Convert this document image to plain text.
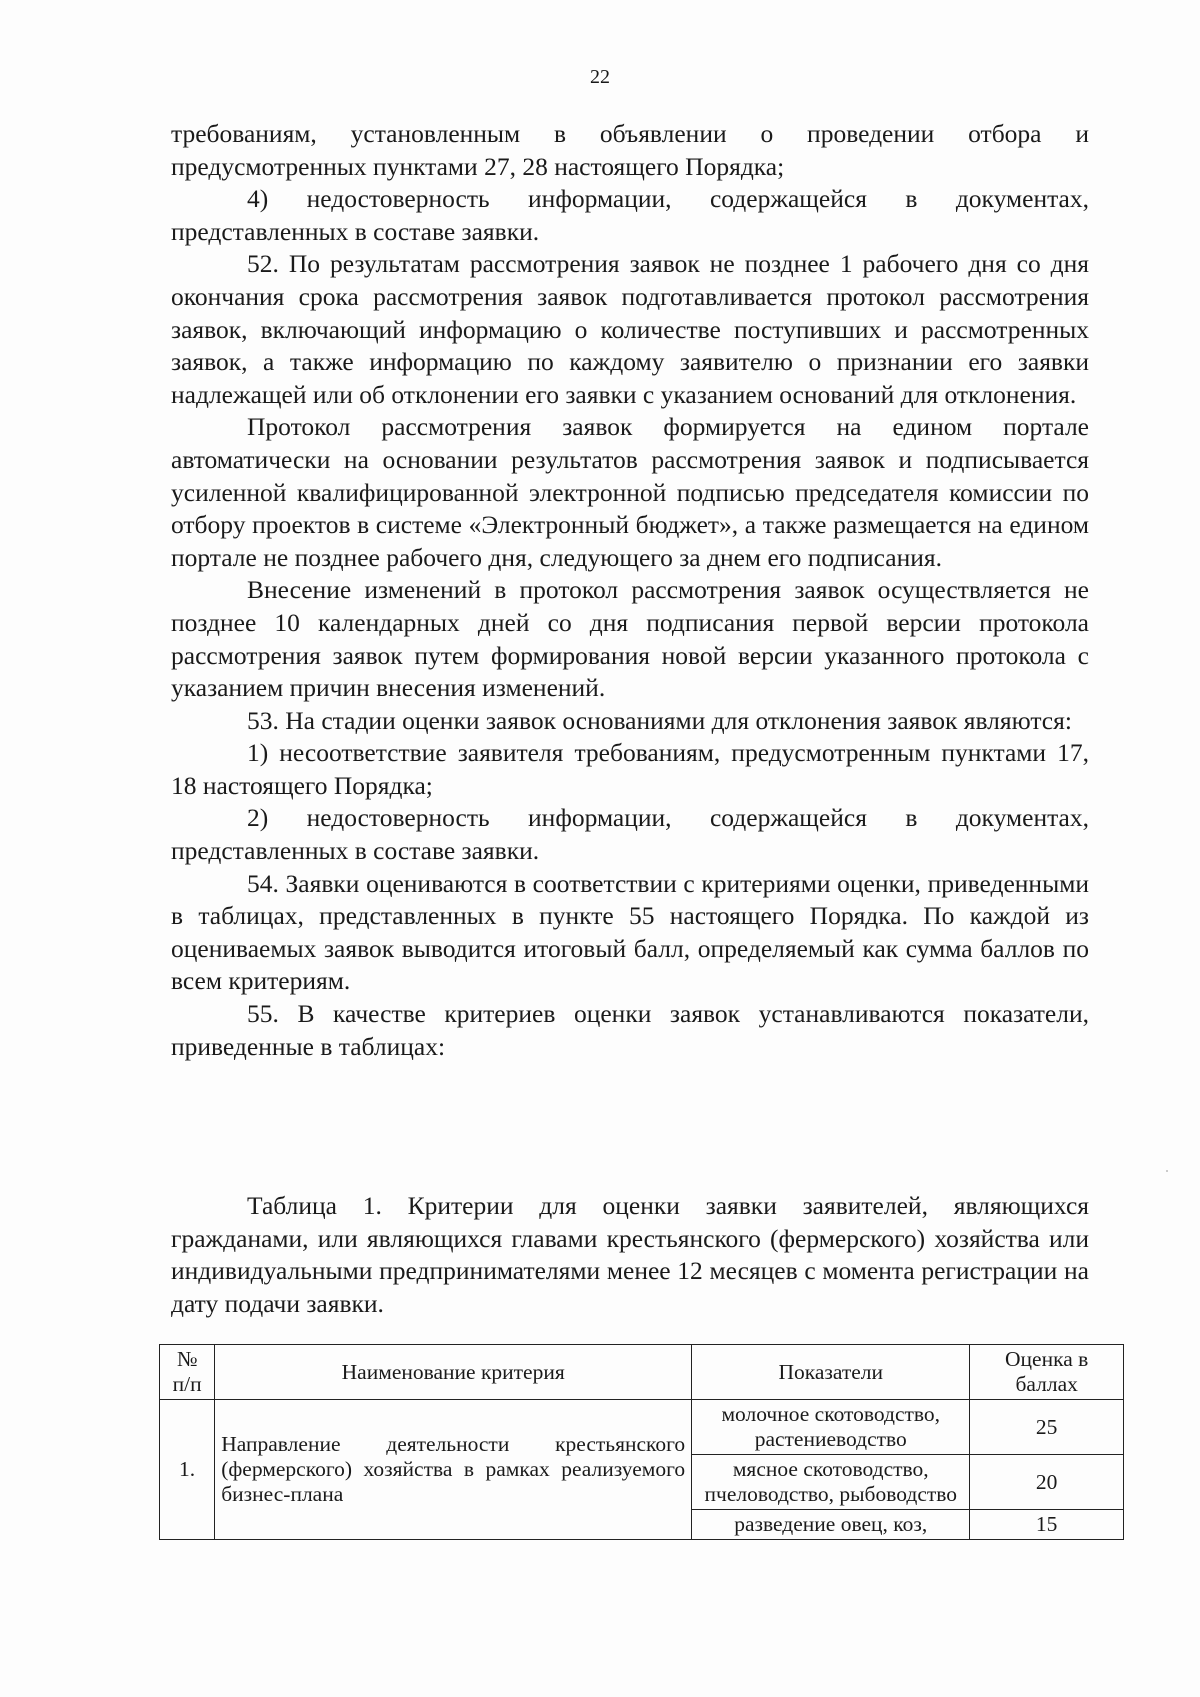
22

требованиям, установленным в объявлении о проведении отбора и предусмотренных пунктами 27, 28 настоящего Порядка;

4) недостоверность информации, содержащейся в документах, представленных в составе заявки.

52. По результатам рассмотрения заявок не позднее 1 рабочего дня со дня окончания срока рассмотрения заявок подготавливается протокол рассмотрения заявок, включающий информацию о количестве поступивших и рассмотренных заявок, а также информацию по каждому заявителю о признании его заявки надлежащей или об отклонении его заявки с указанием оснований для отклонения.

Протокол рассмотрения заявок формируется на едином портале автоматически на основании результатов рассмотрения заявок и подписывается усиленной квалифицированной электронной подписью председателя комиссии по отбору проектов в системе «Электронный бюджет», а также размещается на едином портале не позднее рабочего дня, следующего за днем его подписания.

Внесение изменений в протокол рассмотрения заявок осуществляется не позднее 10 календарных дней со дня подписания первой версии протокола рассмотрения заявок путем формирования новой версии указанного протокола с указанием причин внесения изменений.

53. На стадии оценки заявок основаниями для отклонения заявок являются:

1) несоответствие заявителя требованиям, предусмотренным пунктами 17, 18 настоящего Порядка;

2) недостоверность информации, содержащейся в документах, представленных в составе заявки.

54. Заявки оцениваются в соответствии с критериями оценки, приведенными в таблицах, представленных в пункте 55 настоящего Порядка. По каждой из оцениваемых заявок выводится итоговый балл, определяемый как сумма баллов по всем критериям.

55. В качестве критериев оценки заявок устанавливаются показатели, приведенные в таблицах:

Таблица 1. Критерии для оценки заявки заявителей, являющихся гражданами, или являющихся главами крестьянского (фермерского) хозяйства или индивидуальными предпринимателями менее 12 месяцев с момента регистрации на дату подачи заявки.
№ п/п	Наименование критерия	Показатели	Оценка в баллах
1.	Направление деятельности крестьянского (фермерского) хозяйства в рамках реализуемого бизнес-плана	молочное скотоводство, растениеводство	25
		мясное скотоводство, пчеловодство, рыбоводство	20
		разведение овец, коз,	15
